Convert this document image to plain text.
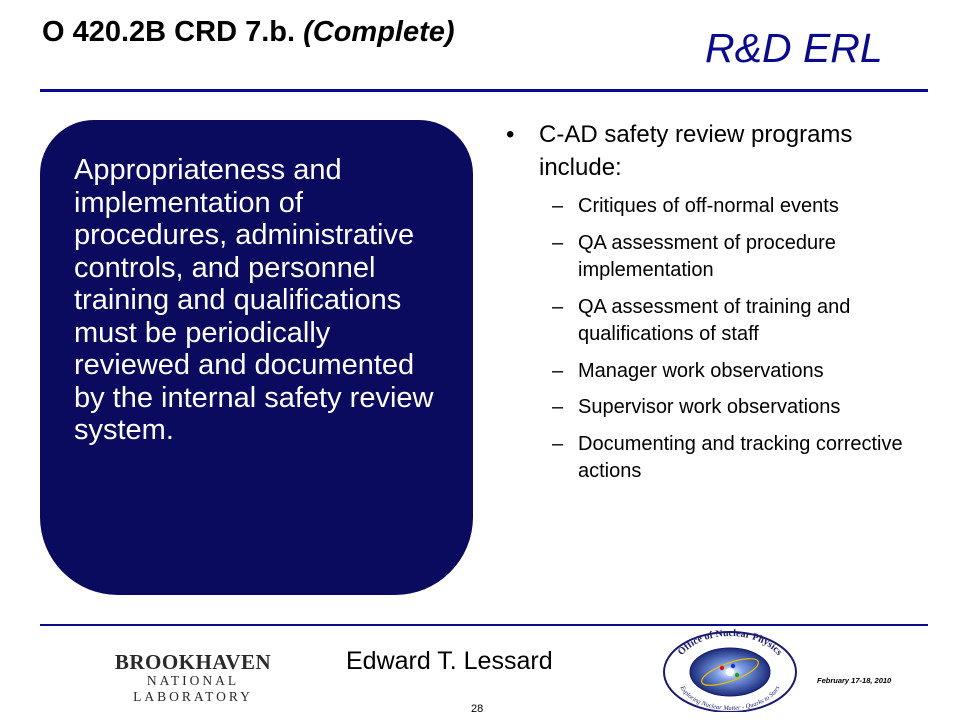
O 420.2B CRD 7.b. (Complete)	R&D ERL
Appropriateness and implementation of procedures, administrative controls, and personnel training and qualifications must be periodically reviewed and documented by the internal safety review system.
• C-AD safety review programs include:
– Critiques of off-normal events
– QA assessment of procedure implementation
– QA assessment of training and qualifications of staff
– Manager work observations
– Supervisor work observations
– Documenting and tracking corrective actions
BROOKHAVEN
NATIONAL LABORATORY
Edward T. Lessard
28
Office of Nuclear Physics
Exploring Nuclear Matter - Quarks to Stars
February 17-18, 2010
